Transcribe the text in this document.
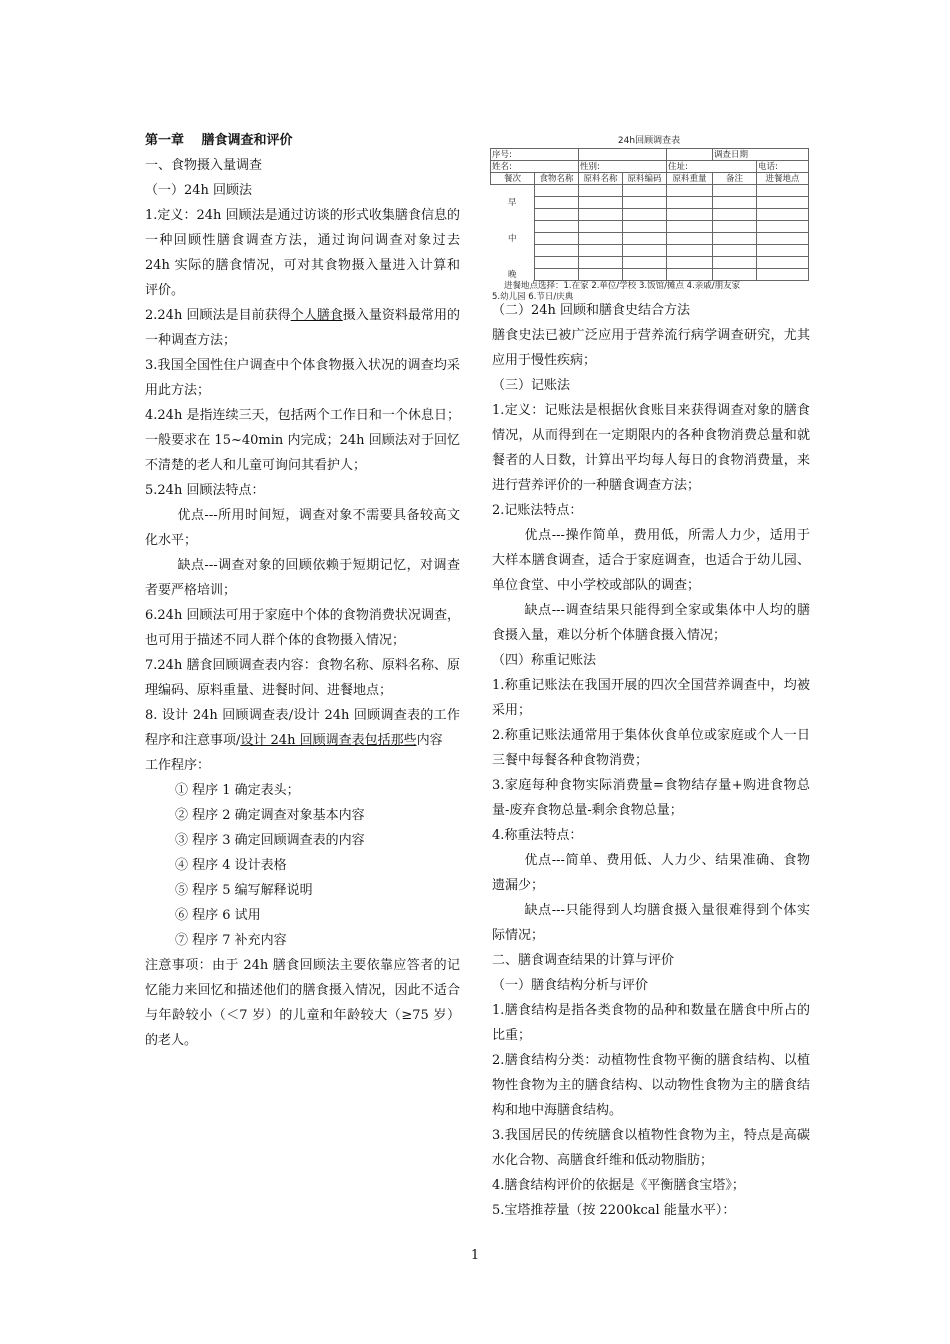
第一章　 膳食调查和评价

一、食物摄入量调查

（一）24h 回顾法

1.定义：24h 回顾法是通过访谈的形式收集膳食信息的一种回顾性膳食调查方法，通过询问调查对象过去 24h 实际的膳食情况，可对其食物摄入量进入计算和评价。

2.24h 回顾法是目前获得个人膳食摄入量资料最常用的一种调查方法；

3.我国全国性住户调查中个体食物摄入状况的调查均采用此方法；

4.24h 是指连续三天，包括两个工作日和一个休息日；一般要求在 15~40min 内完成；24h 回顾法对于回忆不清楚的老人和儿童可询问其看护人；

5.24h 回顾法特点：

优点---所用时间短，调查对象不需要具备较高文化水平；

缺点---调查对象的回顾依赖于短期记忆，对调查者要严格培训；

6.24h 回顾法可用于家庭中个体的食物消费状况调查，也可用于描述不同人群个体的食物摄入情况；

7.24h 膳食回顾调查表内容：食物名称、原料名称、原理编码、原料重量、进餐时间、进餐地点；

8. 设计 24h 回顾调查表/设计 24h 回顾调查表的工作程序和注意事项/设计 24h 回顾调查表包括那些内容

工作程序：

① 程序 1 确定表头；

② 程序 2 确定调查对象基本内容

③ 程序 3 确定回顾调查表的内容

④ 程序 4 设计表格

⑤ 程序 5 编写解释说明

⑥ 程序 6 试用

⑦ 程序 7 补充内容

注意事项：由于 24h 膳食回顾法主要依靠应答者的记忆能力来回忆和描述他们的膳食摄入情况，因此不适合与年龄较小（＜7 岁）的儿童和年龄较大（≥75 岁）的老人。

24h回顾调查表
序号:					调查日期	
姓名:		性别:		住址:		电话:
餐次	食物名称	原料名称	原料编码	原料重量	备注	进餐地点

早						

中						

晚						
进餐地点选择：1.在家 2.单位/学校 3.饭馆/摊点 4.亲戚/朋友家
5.幼儿园 6.节日/庆典

（二）24h 回顾和膳食史结合方法

膳食史法已被广泛应用于营养流行病学调查研究，尤其应用于慢性疾病；

（三）记账法

1.定义：记账法是根据伙食账目来获得调查对象的膳食情况，从而得到在一定期限内的各种食物消费总量和就餐者的人日数，计算出平均每人每日的食物消费量，来进行营养评价的一种膳食调查方法；

2.记账法特点：

优点---操作简单，费用低，所需人力少，适用于大样本膳食调查，适合于家庭调查，也适合于幼儿园、单位食堂、中小学校或部队的调查；

缺点---调查结果只能得到全家或集体中人均的膳食摄入量，难以分析个体膳食摄入情况；

（四）称重记账法

1.称重记账法在我国开展的四次全国营养调查中，均被采用；

2.称重记账法通常用于集体伙食单位或家庭或个人一日三餐中每餐各种食物消费；

3.家庭每种食物实际消费量=食物结存量+购进食物总量-废弃食物总量-剩余食物总量；

4.称重法特点：

优点---简单、费用低、人力少、结果准确、食物遗漏少；

缺点---只能得到人均膳食摄入量很难得到个体实际情况；

二、膳食调查结果的计算与评价

（一）膳食结构分析与评价

1.膳食结构是指各类食物的品种和数量在膳食中所占的比重；

2.膳食结构分类：动植物性食物平衡的膳食结构、以植物性食物为主的膳食结构、以动物性食物为主的膳食结构和地中海膳食结构。

3.我国居民的传统膳食以植物性食物为主，特点是高碳水化合物、高膳食纤维和低动物脂肪；

4.膳食结构评价的依据是《平衡膳食宝塔》；

5.宝塔推荐量（按 2200kcal 能量水平）：

1
